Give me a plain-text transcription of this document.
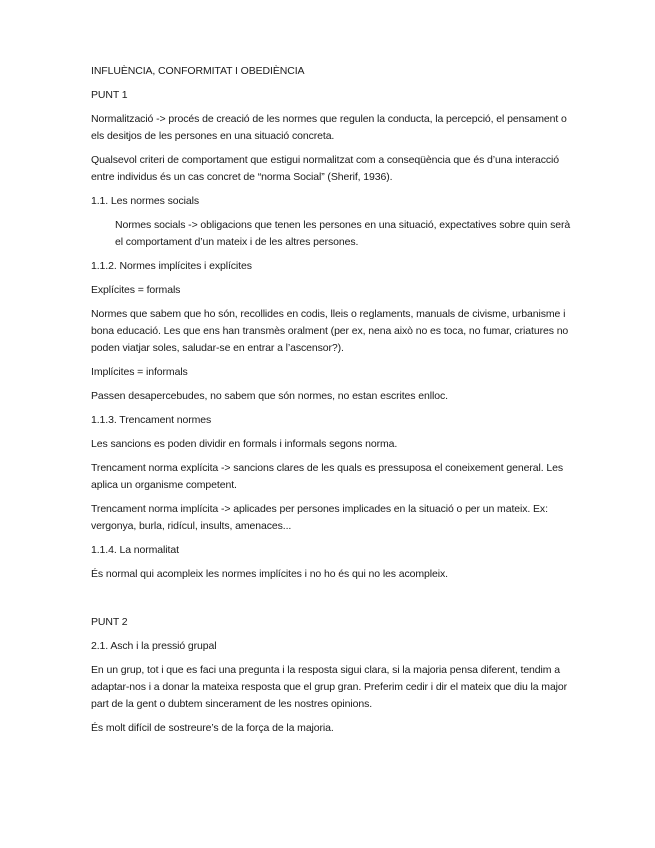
INFLUÈNCIA, CONFORMITAT I OBEDIÈNCIA

PUNT 1

Normalització -> procés de creació de les normes que regulen la conducta, la percepció, el pensament o els desitjos de les persones en una situació concreta.

Qualsevol criteri de comportament que estigui normalitzat com a conseqüència que és d’una interacció entre individus és un cas concret de “norma Social” (Sherif, 1936).

1.1. Les normes socials

Normes socials -> obligacions que tenen les persones en una situació, expectatives sobre quin serà el comportament d’un mateix i de les altres persones.

1.1.2. Normes implícites i explícites

Explícites = formals

Normes que sabem que ho són, recollides en codis, lleis o reglaments, manuals de civisme, urbanisme i bona educació. Les que ens han transmès oralment (per ex, nena això no es toca, no fumar, criatures no poden viatjar soles, saludar-se en entrar a l’ascensor?).

Implícites = informals

Passen desapercebudes, no sabem que són normes, no estan escrites enlloc.

1.1.3. Trencament normes

Les sancions es poden dividir en formals i informals segons norma.

Trencament norma explícita -> sancions clares de les quals es pressuposa el coneixement general. Les aplica un organisme competent.

Trencament norma implícita -> aplicades per persones implicades en la situació o per un mateix. Ex: vergonya, burla, ridícul, insults, amenaces...

1.1.4. La normalitat

És normal qui acompleix les normes implícites i no ho és qui no les acompleix.

PUNT 2

2.1. Asch i la pressió grupal

En un grup, tot i que es faci una pregunta i la resposta sigui clara, si la majoria pensa diferent, tendim a adaptar-nos i a donar la mateixa resposta que el grup gran. Preferim cedir i dir el mateix que diu la major part de la gent o dubtem sincerament de les nostres opinions.

És molt difícil de sostreure’s de la força de la majoria.
